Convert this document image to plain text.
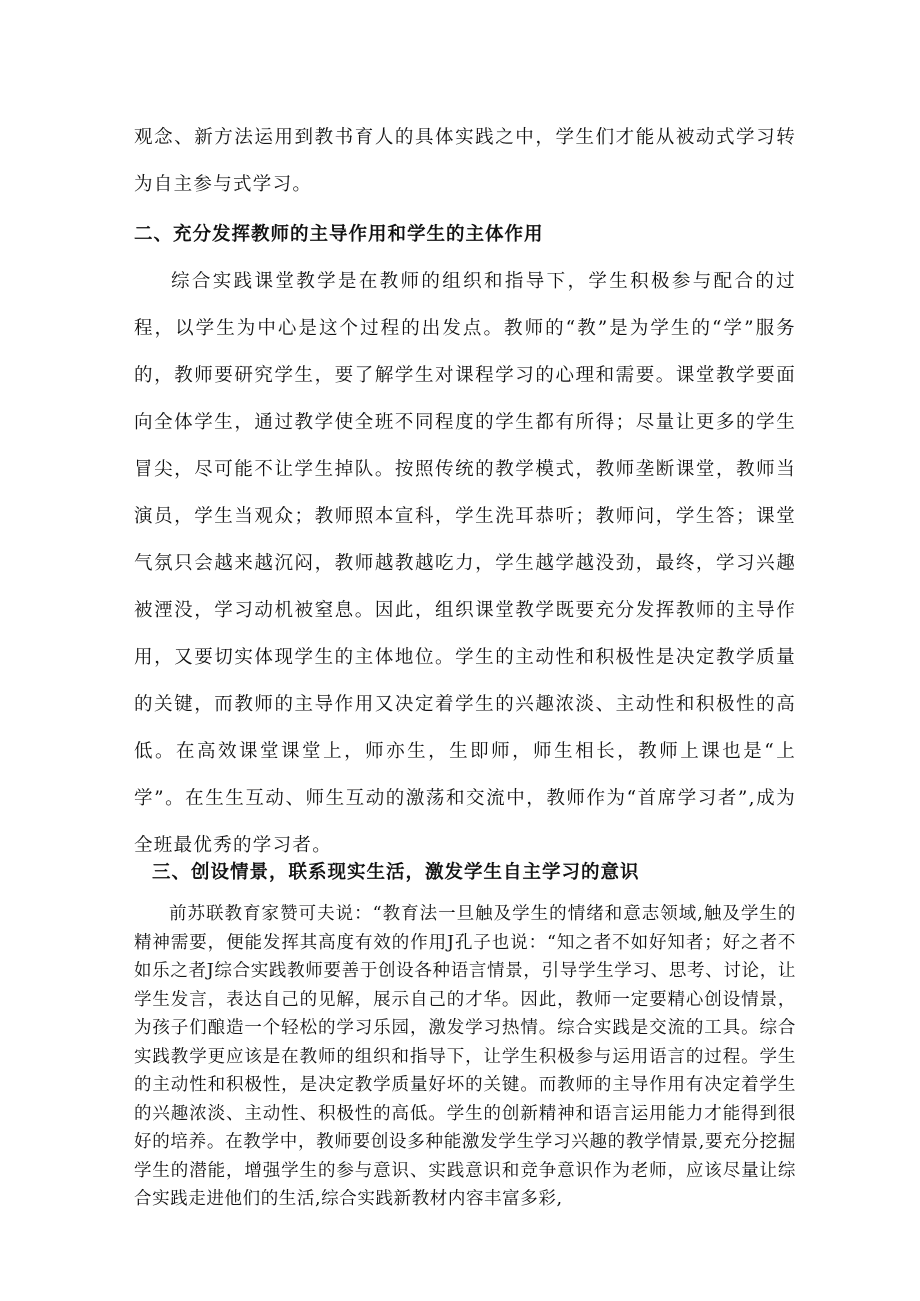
观念、新方法运用到教书育人的具体实践之中，学生们才能从被动式学习转为自主参与式学习。

二、充分发挥教师的主导作用和学生的主体作用

综合实践课堂教学是在教师的组织和指导下，学生积极参与配合的过程，以学生为中心是这个过程的出发点。教师的“教”是为学生的“学”服务的，教师要研究学生，要了解学生对课程学习的心理和需要。课堂教学要面向全体学生，通过教学使全班不同程度的学生都有所得；尽量让更多的学生冒尖，尽可能不让学生掉队。按照传统的教学模式，教师垄断课堂，教师当演员，学生当观众；教师照本宣科，学生洗耳恭听；教师问，学生答；课堂气氛只会越来越沉闷，教师越教越吃力，学生越学越没劲，最终，学习兴趣被湮没，学习动机被窒息。因此，组织课堂教学既要充分发挥教师的主导作用，又要切实体现学生的主体地位。学生的主动性和积极性是决定教学质量的关键，而教师的主导作用又决定着学生的兴趣浓淡、主动性和积极性的高低。在高效课堂课堂上，师亦生，生即师，师生相长，教师上课也是“上学”。在生生互动、师生互动的激荡和交流中，教师作为“首席学习者”,成为全班最优秀的学习者。

三、创设情景，联系现实生活，激发学生自主学习的意识

前苏联教育家赞可夫说：“教育法一旦触及学生的情绪和意志领域,触及学生的精神需要，便能发挥其高度有效的作用J孔子也说：“知之者不如好知者；好之者不如乐之者J综合实践教师要善于创设各种语言情景，引导学生学习、思考、讨论，让学生发言，表达自己的见解，展示自己的才华。因此，教师一定要精心创设情景，为孩子们酿造一个轻松的学习乐园，激发学习热情。综合实践是交流的工具。综合实践教学更应该是在教师的组织和指导下，让学生积极参与运用语言的过程。学生的主动性和积极性，是决定教学质量好坏的关键。而教师的主导作用有决定着学生的兴趣浓淡、主动性、积极性的高低。学生的创新精神和语言运用能力才能得到很好的培养。在教学中，教师要创设多种能激发学生学习兴趣的教学情景,要充分挖掘学生的潜能，增强学生的参与意识、实践意识和竞争意识作为老师，应该尽量让综合实践走进他们的生活,综合实践新教材内容丰富多彩,
